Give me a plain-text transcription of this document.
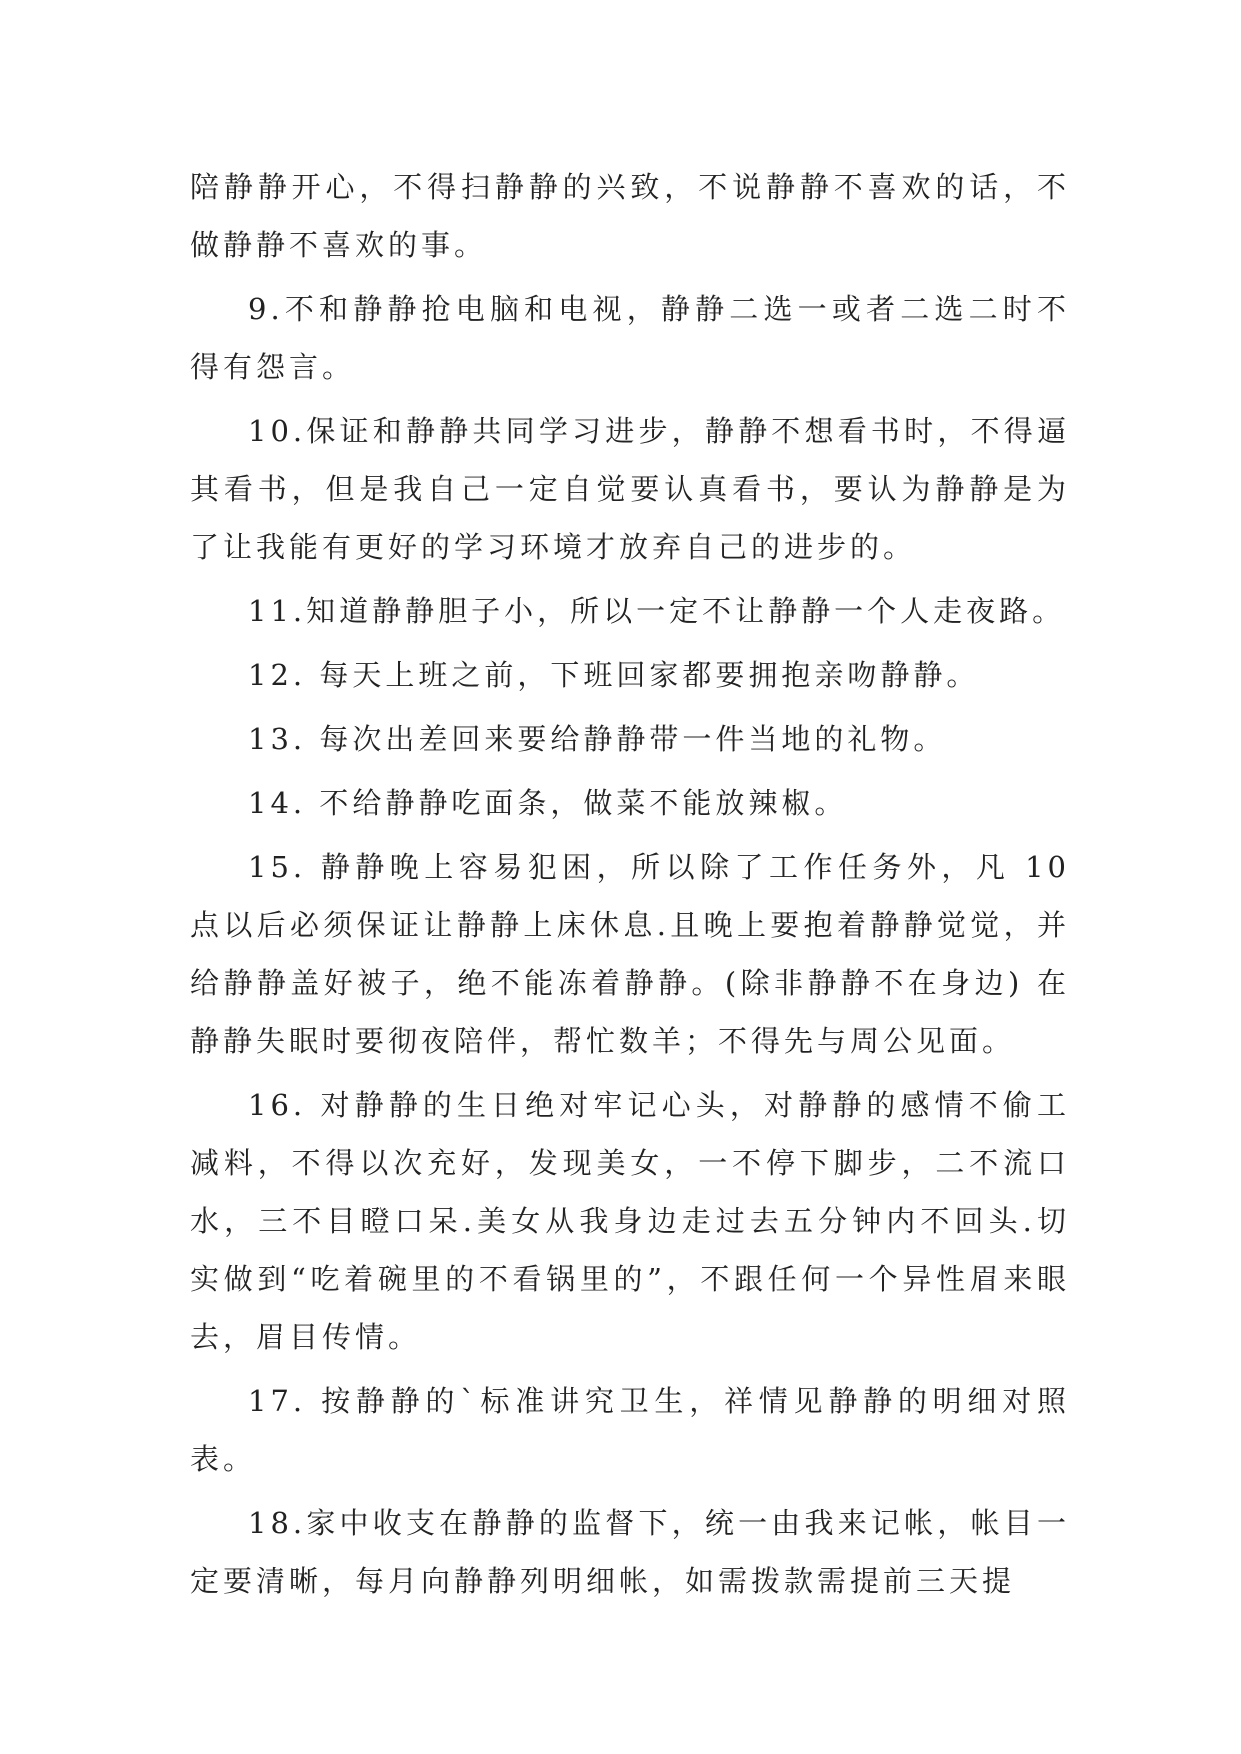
陪静静开心，不得扫静静的兴致，不说静静不喜欢的话，不做静静不喜欢的事。

9.不和静静抢电脑和电视，静静二选一或者二选二时不得有怨言。

10.保证和静静共同学习进步，静静不想看书时，不得逼其看书，但是我自己一定自觉要认真看书，要认为静静是为了让我能有更好的学习环境才放弃自己的进步的。

11.知道静静胆子小，所以一定不让静静一个人走夜路。

12. 每天上班之前，下班回家都要拥抱亲吻静静。

13. 每次出差回来要给静静带一件当地的礼物。

14. 不给静静吃面条，做菜不能放辣椒。

15. 静静晚上容易犯困，所以除了工作任务外，凡 10 点以后必须保证让静静上床休息.且晚上要抱着静静觉觉，并给静静盖好被子，绝不能冻着静静。(除非静静不在身边) 在静静失眠时要彻夜陪伴，帮忙数羊；不得先与周公见面。

16. 对静静的生日绝对牢记心头，对静静的感情不偷工减料，不得以次充好，发现美女，一不停下脚步，二不流口水，三不目瞪口呆.美女从我身边走过去五分钟内不回头.切实做到“吃着碗里的不看锅里的”，不跟任何一个异性眉来眼去，眉目传情。

17. 按静静的`标准讲究卫生，祥情见静静的明细对照表。

18.家中收支在静静的监督下，统一由我来记帐，帐目一定要清晰，每月向静静列明细帐，如需拨款需提前三天提
